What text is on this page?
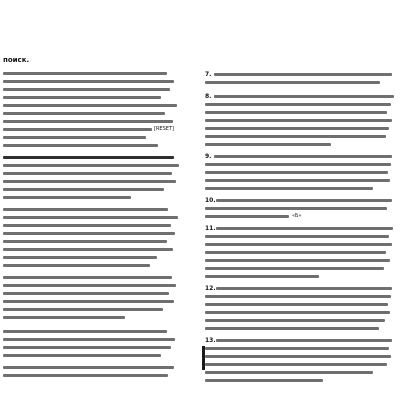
поиск.
[RESET]
7.
8.
9.
10.
«Б»
11.
12.
13.
